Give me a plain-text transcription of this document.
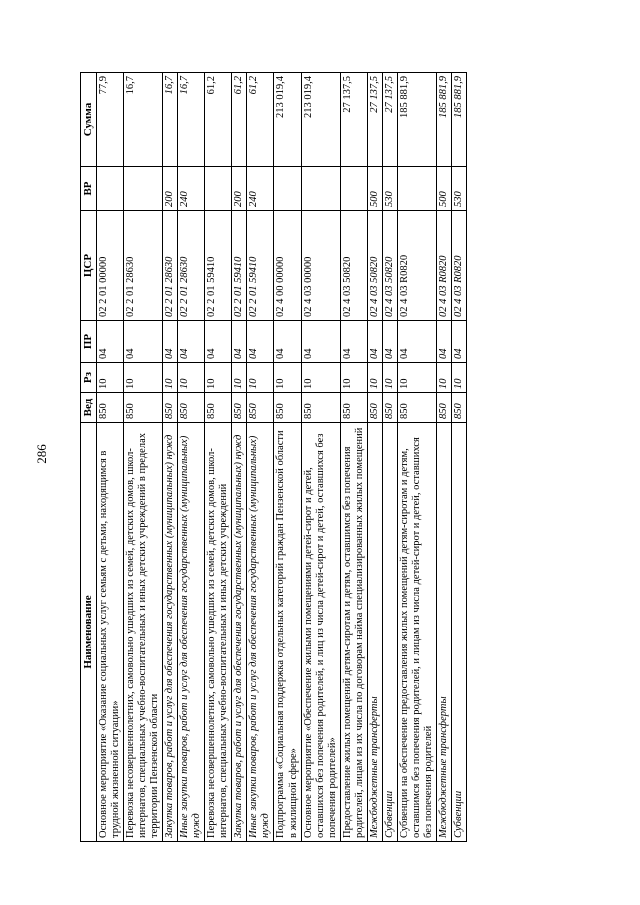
286
Наименование	Вед	Рз	ПР	ЦСР	ВР	Сумма
Основное мероприятие «Оказание социальных услуг семьям с детьми, находящимся в трудной жизненной ситуации»	850	10	04	02 2 01 00000		77,9
Перевозка несовершеннолетних, самовольно ушедших из семей, детских домов, школ-интернатов, специальных учебно-воспитательных и иных детских учреждений в пределах территории Пензенской области	850	10	04	02 2 01 28630		16,7
Закупка товаров, работ и услуг для обеспечения государственных (муниципальных) нужд	850	10	04	02 2 01 28630	200	16,7
Иные закупки товаров, работ и услуг для обеспечения государственных (муниципальных) нужд	850	10	04	02 2 01 28630	240	16,7
Перевозка несовершеннолетних, самовольно ушедших из семей, детских домов, школ-интернатов, специальных учебно-воспитательных и иных детских учреждений	850	10	04	02 2 01 59410		61,2
Закупка товаров, работ и услуг для обеспечения государственных (муниципальных) нужд	850	10	04	02 2 01 59410	200	61,2
Иные закупки товаров, работ и услуг для обеспечения государственных (муниципальных) нужд	850	10	04	02 2 01 59410	240	61,2
Подпрограмма «Социальная поддержка отдельных категорий граждан Пензенской области в жилищной сфере»	850	10	04	02 4 00 00000		213 019,4
Основное мероприятие «Обеспечение жилыми помещениями детей-сирот и детей, оставшихся без попечения родителей, и лиц из числа детей-сирот и детей, оставшихся без попечения родителей»	850	10	04	02 4 03 00000		213 019,4
Предоставление жилых помещений детям-сиротам и детям, оставшимся без попечения родителей, лицам из их числа по договорам найма специализированных жилых помещений	850	10	04	02 4 03 50820		27 137,5
Межбюджетные трансферты	850	10	04	02 4 03 50820	500	27 137,5
Субвенции	850	10	04	02 4 03 50820	530	27 137,5
Субвенции на обеспечение предоставления жилых помещений детям-сиротам и детям, оставшимся без попечения родителей, и лицам из числа детей-сирот и детей, оставшихся без попечения родителей	850	10	04	02 4 03 R0820		185 881,9
Межбюджетные трансферты	850	10	04	02 4 03 R0820	500	185 881,9
Субвенции	850	10	04	02 4 03 R0820	530	185 881,9
